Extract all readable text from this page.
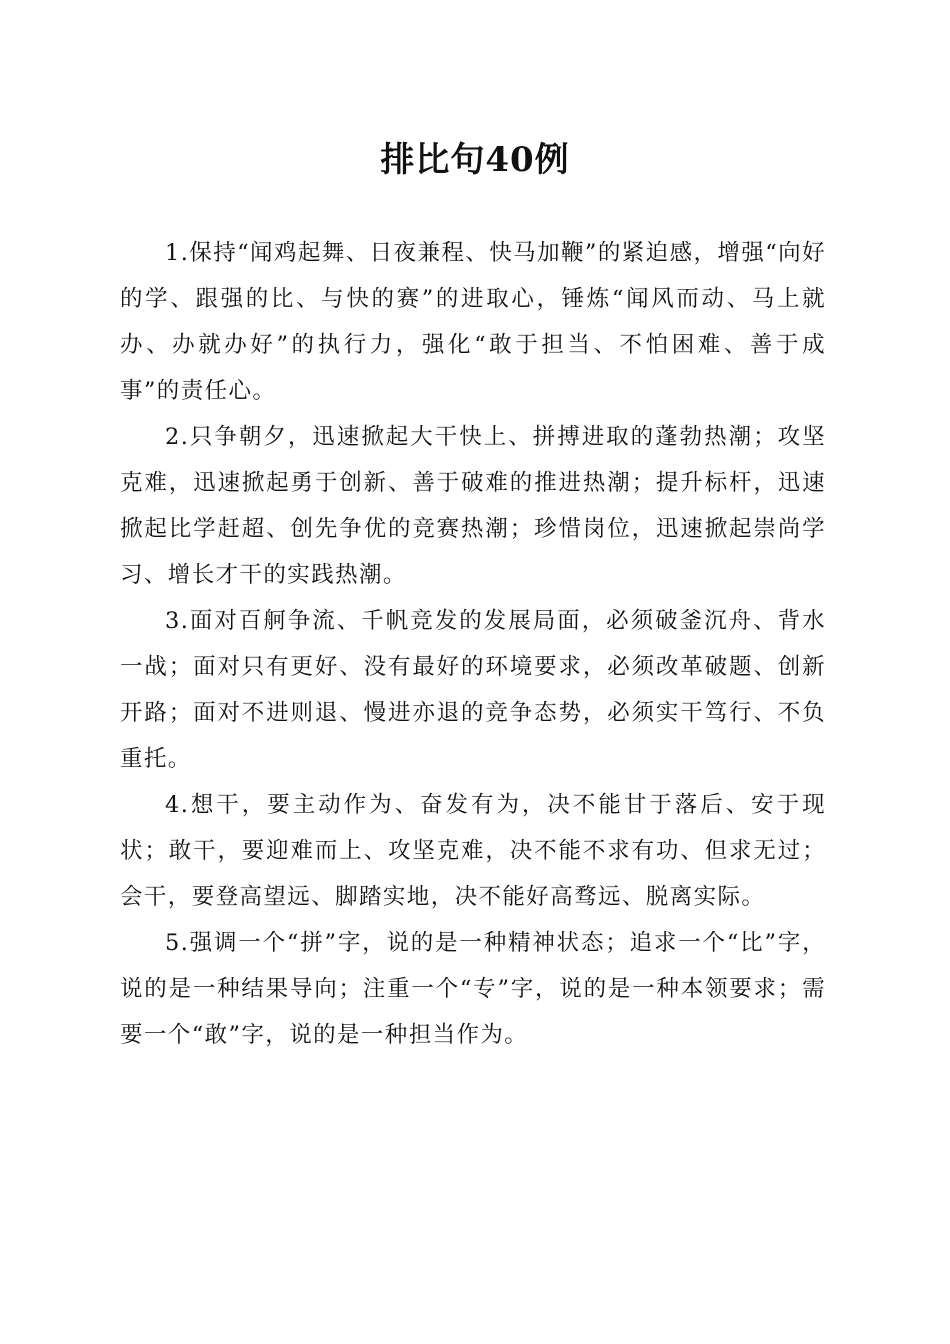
排比句40例

1.保持“闻鸡起舞、日夜兼程、快马加鞭”的紧迫感，增强“向好的学、跟强的比、与快的赛”的进取心，锤炼“闻风而动、马上就办、办就办好”的执行力，强化“敢于担当、不怕困难、善于成事”的责任心。

2.只争朝夕，迅速掀起大干快上、拼搏进取的蓬勃热潮；攻坚克难，迅速掀起勇于创新、善于破难的推进热潮；提升标杆，迅速掀起比学赶超、创先争优的竞赛热潮；珍惜岗位，迅速掀起崇尚学习、增长才干的实践热潮。

3.面对百舸争流、千帆竞发的发展局面，必须破釜沉舟、背水一战；面对只有更好、没有最好的环境要求，必须改革破题、创新开路；面对不进则退、慢进亦退的竞争态势，必须实干笃行、不负重托。

4.想干，要主动作为、奋发有为，决不能甘于落后、安于现状；敢干，要迎难而上、攻坚克难，决不能不求有功、但求无过；会干，要登高望远、脚踏实地，决不能好高骛远、脱离实际。

5.强调一个“拼”字，说的是一种精神状态；追求一个“比”字，说的是一种结果导向；注重一个“专”字，说的是一种本领要求；需要一个“敢”字，说的是一种担当作为。
